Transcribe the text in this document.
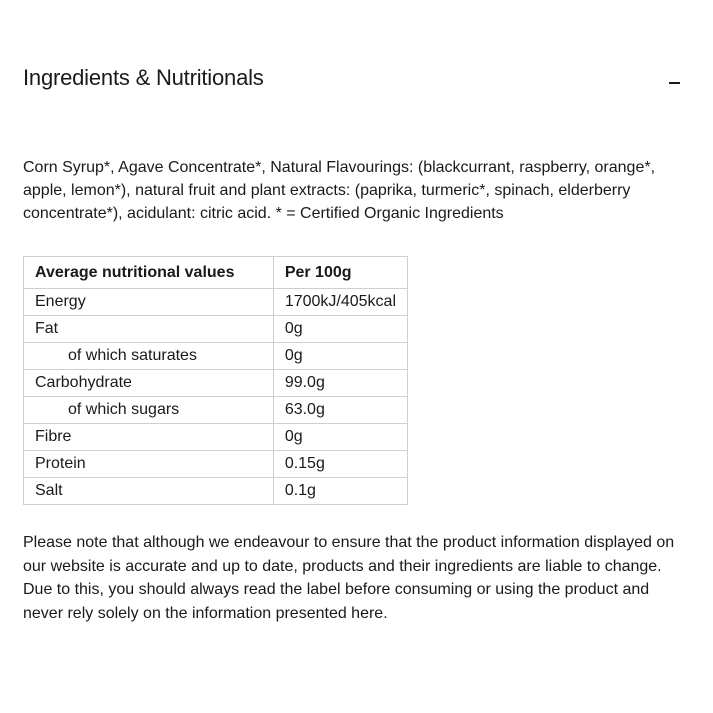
Ingredients & Nutritionals

Corn Syrup*, Agave Concentrate*, Natural Flavourings: (blackcurrant, raspberry, orange*, apple, lemon*), natural fruit and plant extracts: (paprika, turmeric*, spinach, elderberry concentrate*), acidulant: citric acid. * = Certified Organic Ingredients

Average nutritional values	Per 100g
Energy	1700kJ/405kcal
Fat	0g
of which saturates	0g
Carbohydrate	99.0g
of which sugars	63.0g
Fibre	0g
Protein	0.15g
Salt	0.1g

Please note that although we endeavour to ensure that the product information displayed on our website is accurate and up to date, products and their ingredients are liable to change. Due to this, you should always read the label before consuming or using the product and never rely solely on the information presented here.
